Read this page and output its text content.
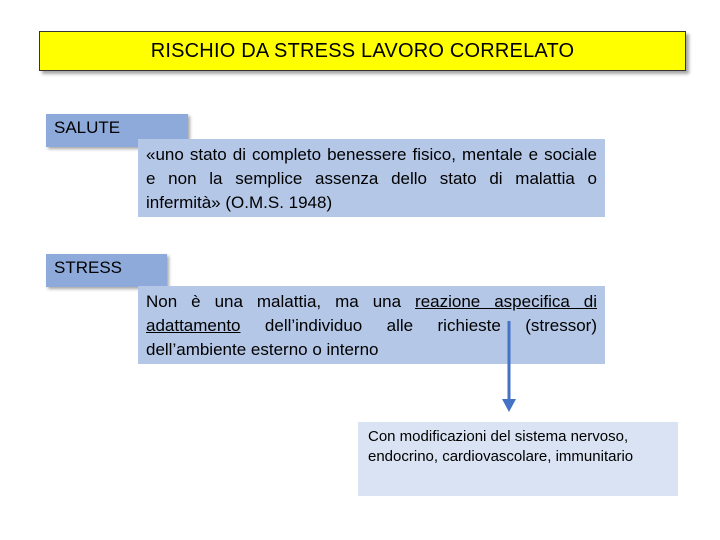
RISCHIO DA STRESS LAVORO CORRELATO
SALUTE
«uno stato di completo benessere fisico, mentale e sociale e non la semplice assenza dello stato di malattia o infermità» (O.M.S. 1948)
STRESS
Non è una malattia, ma una reazione aspecifica di adattamento dell’individuo alle richieste (stressor) dell’ambiente esterno o interno
Con modificazioni del sistema nervoso, endocrino, cardiovascolare, immunitario
